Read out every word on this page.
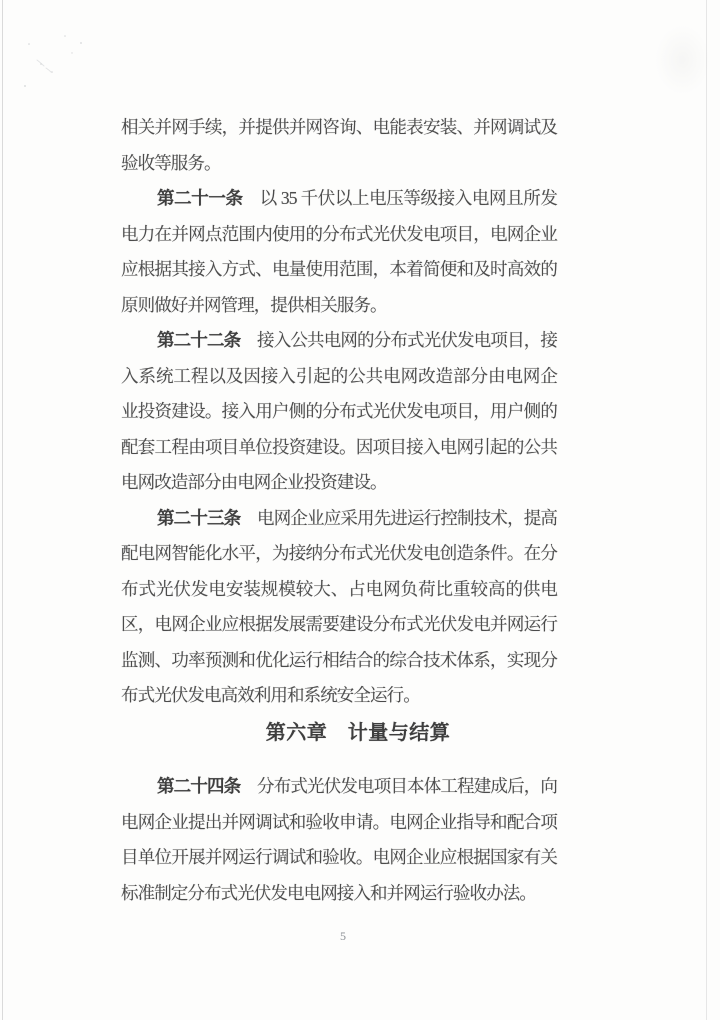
相关并网手续，并提供并网咨询、电能表安装、并网调试及
验收等服务。
第二十一条　以 35 千伏以上电压等级接入电网且所发
电力在并网点范围内使用的分布式光伏发电项目，电网企业
应根据其接入方式、电量使用范围，本着简便和及时高效的
原则做好并网管理，提供相关服务。
第二十二条　接入公共电网的分布式光伏发电项目，接
入系统工程以及因接入引起的公共电网改造部分由电网企
业投资建设。接入用户侧的分布式光伏发电项目，用户侧的
配套工程由项目单位投资建设。因项目接入电网引起的公共
电网改造部分由电网企业投资建设。
第二十三条　电网企业应采用先进运行控制技术，提高
配电网智能化水平，为接纳分布式光伏发电创造条件。在分
布式光伏发电安装规模较大、占电网负荷比重较高的供电
区，电网企业应根据发展需要建设分布式光伏发电并网运行
监测、功率预测和优化运行相结合的综合技术体系，实现分
布式光伏发电高效利用和系统安全运行。
第六章　计量与结算
第二十四条　分布式光伏发电项目本体工程建成后，向
电网企业提出并网调试和验收申请。电网企业指导和配合项
目单位开展并网运行调试和验收。电网企业应根据国家有关
标准制定分布式光伏发电电网接入和并网运行验收办法。
5
